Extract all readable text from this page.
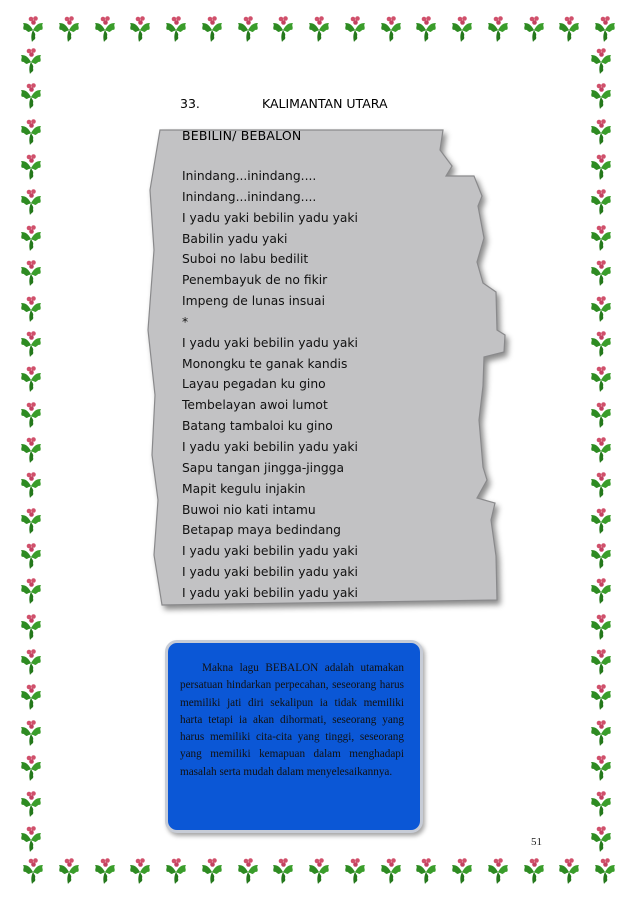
33.	KALIMANTAN UTARA
BEBILIN/ BEBALON
Inindang...inindang....
Inindang...inindang....
I yadu yaki bebilin yadu yaki
Babilin yadu yaki
Suboi no labu bedilit
Penembayuk de no fikir
Impeng de lunas insuai
*
I yadu yaki bebilin yadu yaki
Monongku te ganak kandis
Layau pegadan ku gino
Tembelayan awoi lumot
Batang tambaloi ku gino
I yadu yaki bebilin yadu yaki
Sapu tangan jingga-jingga
Mapit kegulu injakin
Buwoi nio kati intamu
Betapap maya bedindang
I yadu yaki bebilin yadu yaki
I yadu yaki bebilin yadu yaki
I yadu yaki bebilin yadu yaki

Makna lagu BEBALON adalah utamakan persatuan hindarkan perpecahan, seseorang harus memiliki jati diri sekalipun ia tidak memiliki harta tetapi ia akan dihormati, seseorang yang harus memiliki cita-cita yang tinggi, seseorang yang memiliki kemapuan dalam menghadapi masalah serta mudah dalam menyelesaikannya.

51
